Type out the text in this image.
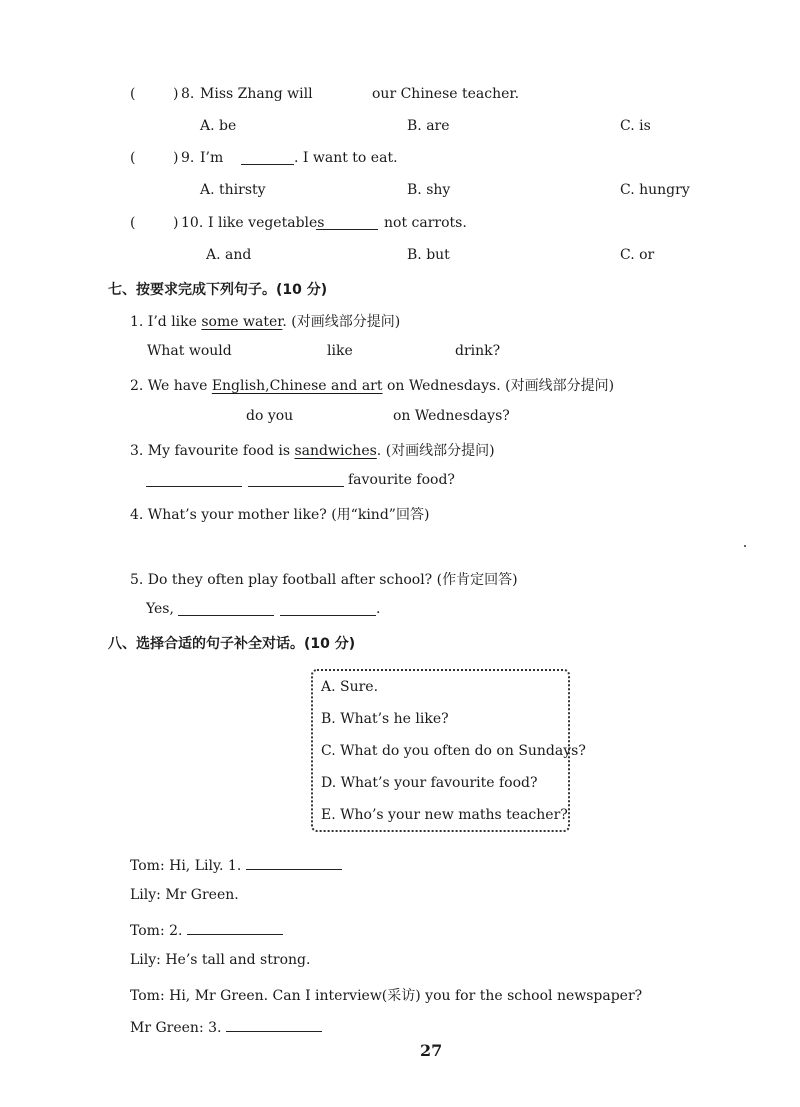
(	) 8. Miss Zhang will	our Chinese teacher.
A. be	B. are	C. is
(	) 9. I’m	. I want to eat.
A. thirsty	B. shy	C. hungry
(	) 10. I like vegetables	not carrots.
A. and	B. but	C. or
七、按要求完成下列句子。(10 分)
1. I’d like some water. (对画线部分提问)
What would	like	drink?
2. We have English,Chinese and art on Wednesdays. (对画线部分提问)
do you	on Wednesdays?
3. My favourite food is sandwiches. (对画线部分提问)
favourite food?
4. What’s your mother like? (用“kind”回答)
5. Do they often play football after school? (作肯定回答)
Yes,	.
八、选择合适的句子补全对话。(10 分)
A. Sure.
B. What’s he like?
C. What do you often do on Sundays?
D. What’s your favourite food?
E. Who’s your new maths teacher?
Tom: Hi, Lily. 1.
Lily: Mr Green.
Tom: 2.
Lily: He’s tall and strong.
Tom: Hi, Mr Green. Can I interview(采访) you for the school newspaper?
Mr Green: 3.
27
